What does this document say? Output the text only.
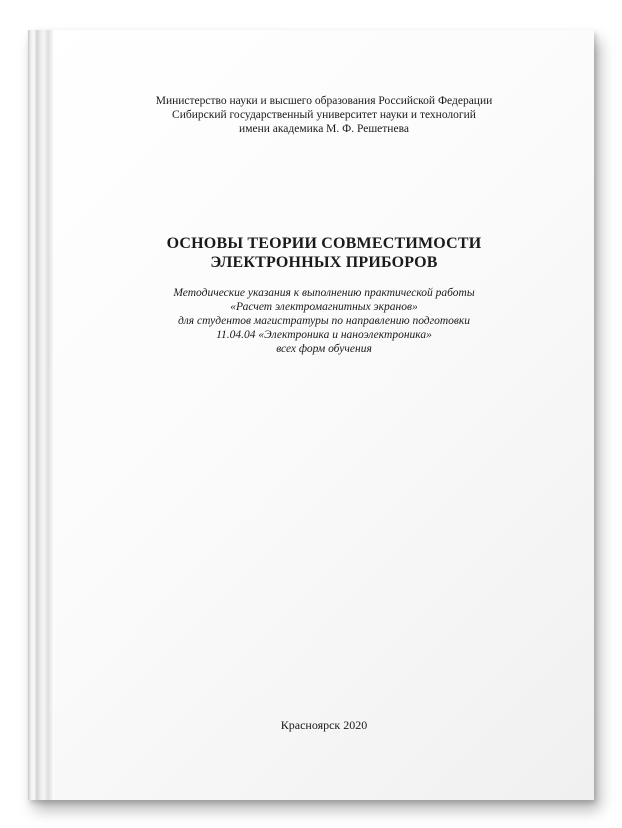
Министерство науки и высшего образования Российской Федерации
Сибирский государственный университет науки и технологий
имени академика М. Ф. Решетнева
ОСНОВЫ ТЕОРИИ СОВМЕСТИМОСТИ
ЭЛЕКТРОННЫХ ПРИБОРОВ
Методические указания к выполнению практической работы
«Расчет электромагнитных экранов»
для студентов магистратуры по направлению подготовки
11.04.04 «Электроника и наноэлектроника»
всех форм обучения
Красноярск 2020
